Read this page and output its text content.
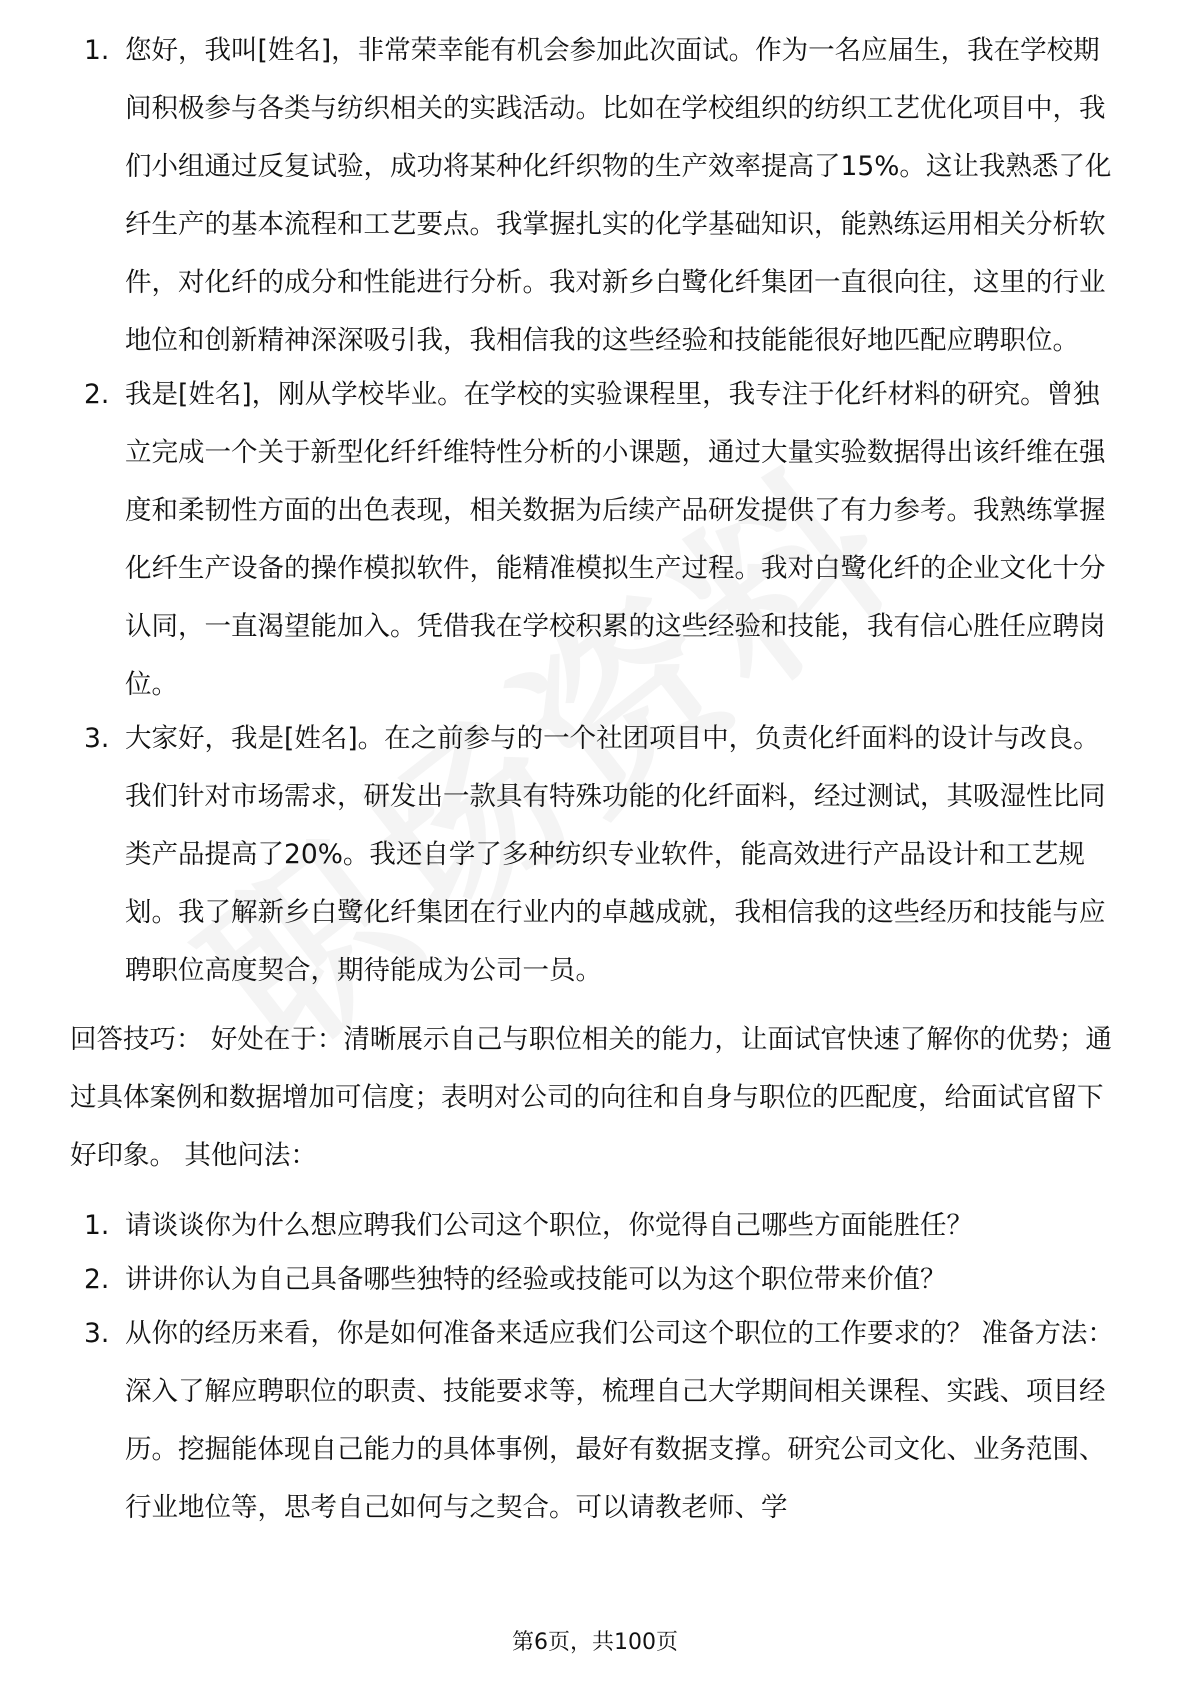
1. 您好，我叫[姓名]，非常荣幸能有机会参加此次面试。作为一名应届生，我在学校期间积极参与各类与纺织相关的实践活动。比如在学校组织的纺织工艺优化项目中，我们小组通过反复试验，成功将某种化纤织物的生产效率提高了15%。这让我熟悉了化纤生产的基本流程和工艺要点。我掌握扎实的化学基础知识，能熟练运用相关分析软件，对化纤的成分和性能进行分析。我对新乡白鹭化纤集团一直很向往，这里的行业地位和创新精神深深吸引我，我相信我的这些经验和技能能很好地匹配应聘职位。
2. 我是[姓名]，刚从学校毕业。在学校的实验课程里，我专注于化纤材料的研究。曾独立完成一个关于新型化纤纤维特性分析的小课题，通过大量实验数据得出该纤维在强度和柔韧性方面的出色表现，相关数据为后续产品研发提供了有力参考。我熟练掌握化纤生产设备的操作模拟软件，能精准模拟生产过程。我对白鹭化纤的企业文化十分认同，一直渴望能加入。凭借我在学校积累的这些经验和技能，我有信心胜任应聘岗位。
3. 大家好，我是[姓名]。在之前参与的一个社团项目中，负责化纤面料的设计与改良。我们针对市场需求，研发出一款具有特殊功能的化纤面料，经过测试，其吸湿性比同类产品提高了20%。我还自学了多种纺织专业软件，能高效进行产品设计和工艺规划。我了解新乡白鹭化纤集团在行业内的卓越成就，我相信我的这些经历和技能与应聘职位高度契合，期待能成为公司一员。
回答技巧： 好处在于：清晰展示自己与职位相关的能力，让面试官快速了解你的优势；通过具体案例和数据增加可信度；表明对公司的向往和自身与职位的匹配度，给面试官留下好印象。 其他问法：
1. 请谈谈你为什么想应聘我们公司这个职位，你觉得自己哪些方面能胜任？
2. 讲讲你认为自己具备哪些独特的经验或技能可以为这个职位带来价值？
3. 从你的经历来看，你是如何准备来适应我们公司这个职位的工作要求的？ 准备方法： 深入了解应聘职位的职责、技能要求等，梳理自己大学期间相关课程、实践、项目经历。挖掘能体现自己能力的具体事例，最好有数据支撑。研究公司文化、业务范围、行业地位等，思考自己如何与之契合。可以请教老师、学
第6页，共100页
